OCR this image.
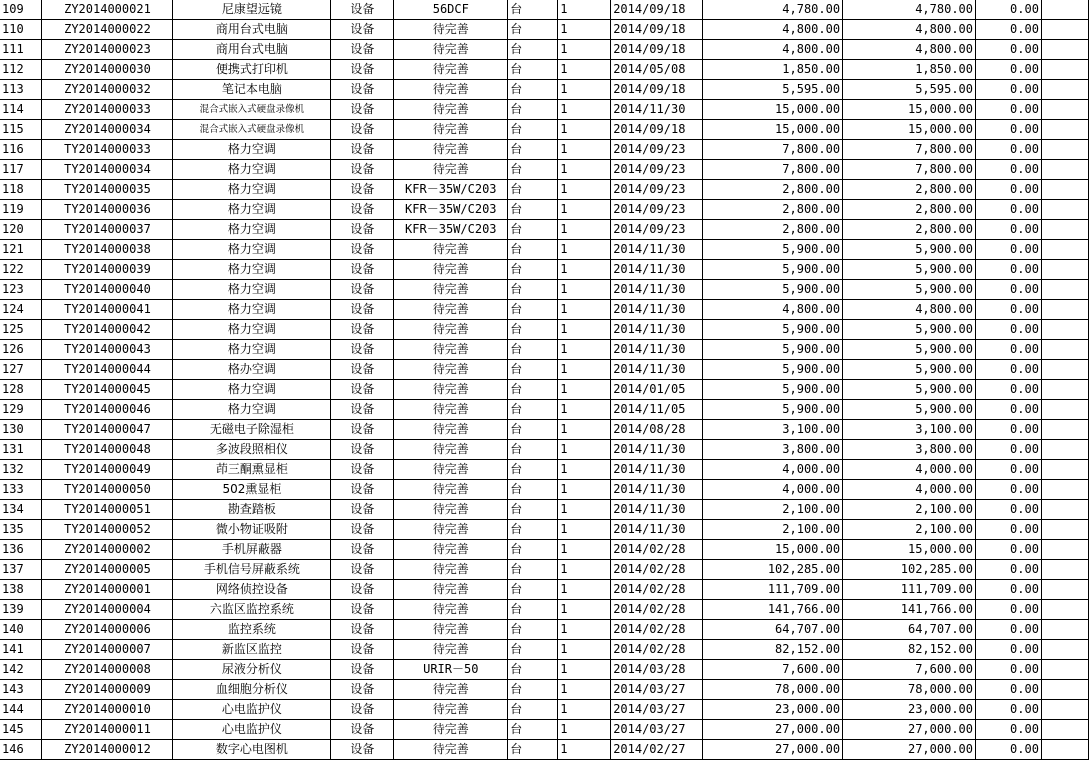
109	ZY2014000021	尼康望远镜	设备	56DCF	台	1	2014/09/18	4,780.00	4,780.00	0.00	
110	ZY2014000022	商用台式电脑	设备	待完善	台	1	2014/09/18	4,800.00	4,800.00	0.00	
111	ZY2014000023	商用台式电脑	设备	待完善	台	1	2014/09/18	4,800.00	4,800.00	0.00	
112	ZY2014000030	便携式打印机	设备	待完善	台	1	2014/05/08	1,850.00	1,850.00	0.00	
113	ZY2014000032	笔记本电脑	设备	待完善	台	1	2014/09/18	5,595.00	5,595.00	0.00	
114	ZY2014000033	混合式嵌入式硬盘录像机	设备	待完善	台	1	2014/11/30	15,000.00	15,000.00	0.00	
115	ZY2014000034	混合式嵌入式硬盘录像机	设备	待完善	台	1	2014/09/18	15,000.00	15,000.00	0.00	
116	TY2014000033	格力空调	设备	待完善	台	1	2014/09/23	7,800.00	7,800.00	0.00	
117	TY2014000034	格力空调	设备	待完善	台	1	2014/09/23	7,800.00	7,800.00	0.00	
118	TY2014000035	格力空调	设备	KFR－35W/C203	台	1	2014/09/23	2,800.00	2,800.00	0.00	
119	TY2014000036	格力空调	设备	KFR－35W/C203	台	1	2014/09/23	2,800.00	2,800.00	0.00	
120	TY2014000037	格力空调	设备	KFR－35W/C203	台	1	2014/09/23	2,800.00	2,800.00	0.00	
121	TY2014000038	格力空调	设备	待完善	台	1	2014/11/30	5,900.00	5,900.00	0.00	
122	TY2014000039	格力空调	设备	待完善	台	1	2014/11/30	5,900.00	5,900.00	0.00	
123	TY2014000040	格力空调	设备	待完善	台	1	2014/11/30	5,900.00	5,900.00	0.00	
124	TY2014000041	格力空调	设备	待完善	台	1	2014/11/30	4,800.00	4,800.00	0.00	
125	TY2014000042	格力空调	设备	待完善	台	1	2014/11/30	5,900.00	5,900.00	0.00	
126	TY2014000043	格力空调	设备	待完善	台	1	2014/11/30	5,900.00	5,900.00	0.00	
127	TY2014000044	格办空调	设备	待完善	台	1	2014/11/30	5,900.00	5,900.00	0.00	
128	TY2014000045	格力空调	设备	待完善	台	1	2014/01/05	5,900.00	5,900.00	0.00	
129	TY2014000046	格力空调	设备	待完善	台	1	2014/11/05	5,900.00	5,900.00	0.00	
130	TY2014000047	无磁电子除湿柜	设备	待完善	台	1	2014/08/28	3,100.00	3,100.00	0.00	
131	TY2014000048	多波段照相仪	设备	待完善	台	1	2014/11/30	3,800.00	3,800.00	0.00	
132	TY2014000049	茚三酮熏显柜	设备	待完善	台	1	2014/11/30	4,000.00	4,000.00	0.00	
133	TY2014000050	502熏显柜	设备	待完善	台	1	2014/11/30	4,000.00	4,000.00	0.00	
134	TY2014000051	勘查踏板	设备	待完善	台	1	2014/11/30	2,100.00	2,100.00	0.00	
135	TY2014000052	微小物证吸附	设备	待完善	台	1	2014/11/30	2,100.00	2,100.00	0.00	
136	ZY2014000002	手机屏蔽器	设备	待完善	台	1	2014/02/28	15,000.00	15,000.00	0.00	
137	ZY2014000005	手机信号屏蔽系统	设备	待完善	台	1	2014/02/28	102,285.00	102,285.00	0.00	
138	ZY2014000001	网络侦控设备	设备	待完善	台	1	2014/02/28	111,709.00	111,709.00	0.00	
139	ZY2014000004	六监区监控系统	设备	待完善	台	1	2014/02/28	141,766.00	141,766.00	0.00	
140	ZY2014000006	监控系统	设备	待完善	台	1	2014/02/28	64,707.00	64,707.00	0.00	
141	ZY2014000007	新监区监控	设备	待完善	台	1	2014/02/28	82,152.00	82,152.00	0.00	
142	ZY2014000008	尿液分析仪	设备	URIR－50	台	1	2014/03/28	7,600.00	7,600.00	0.00	
143	ZY2014000009	血细胞分析仪	设备	待完善	台	1	2014/03/27	78,000.00	78,000.00	0.00	
144	ZY2014000010	心电监护仪	设备	待完善	台	1	2014/03/27	23,000.00	23,000.00	0.00	
145	ZY2014000011	心电监护仪	设备	待完善	台	1	2014/03/27	27,000.00	27,000.00	0.00	
146	ZY2014000012	数字心电图机	设备	待完善	台	1	2014/02/27	27,000.00	27,000.00	0.00	
